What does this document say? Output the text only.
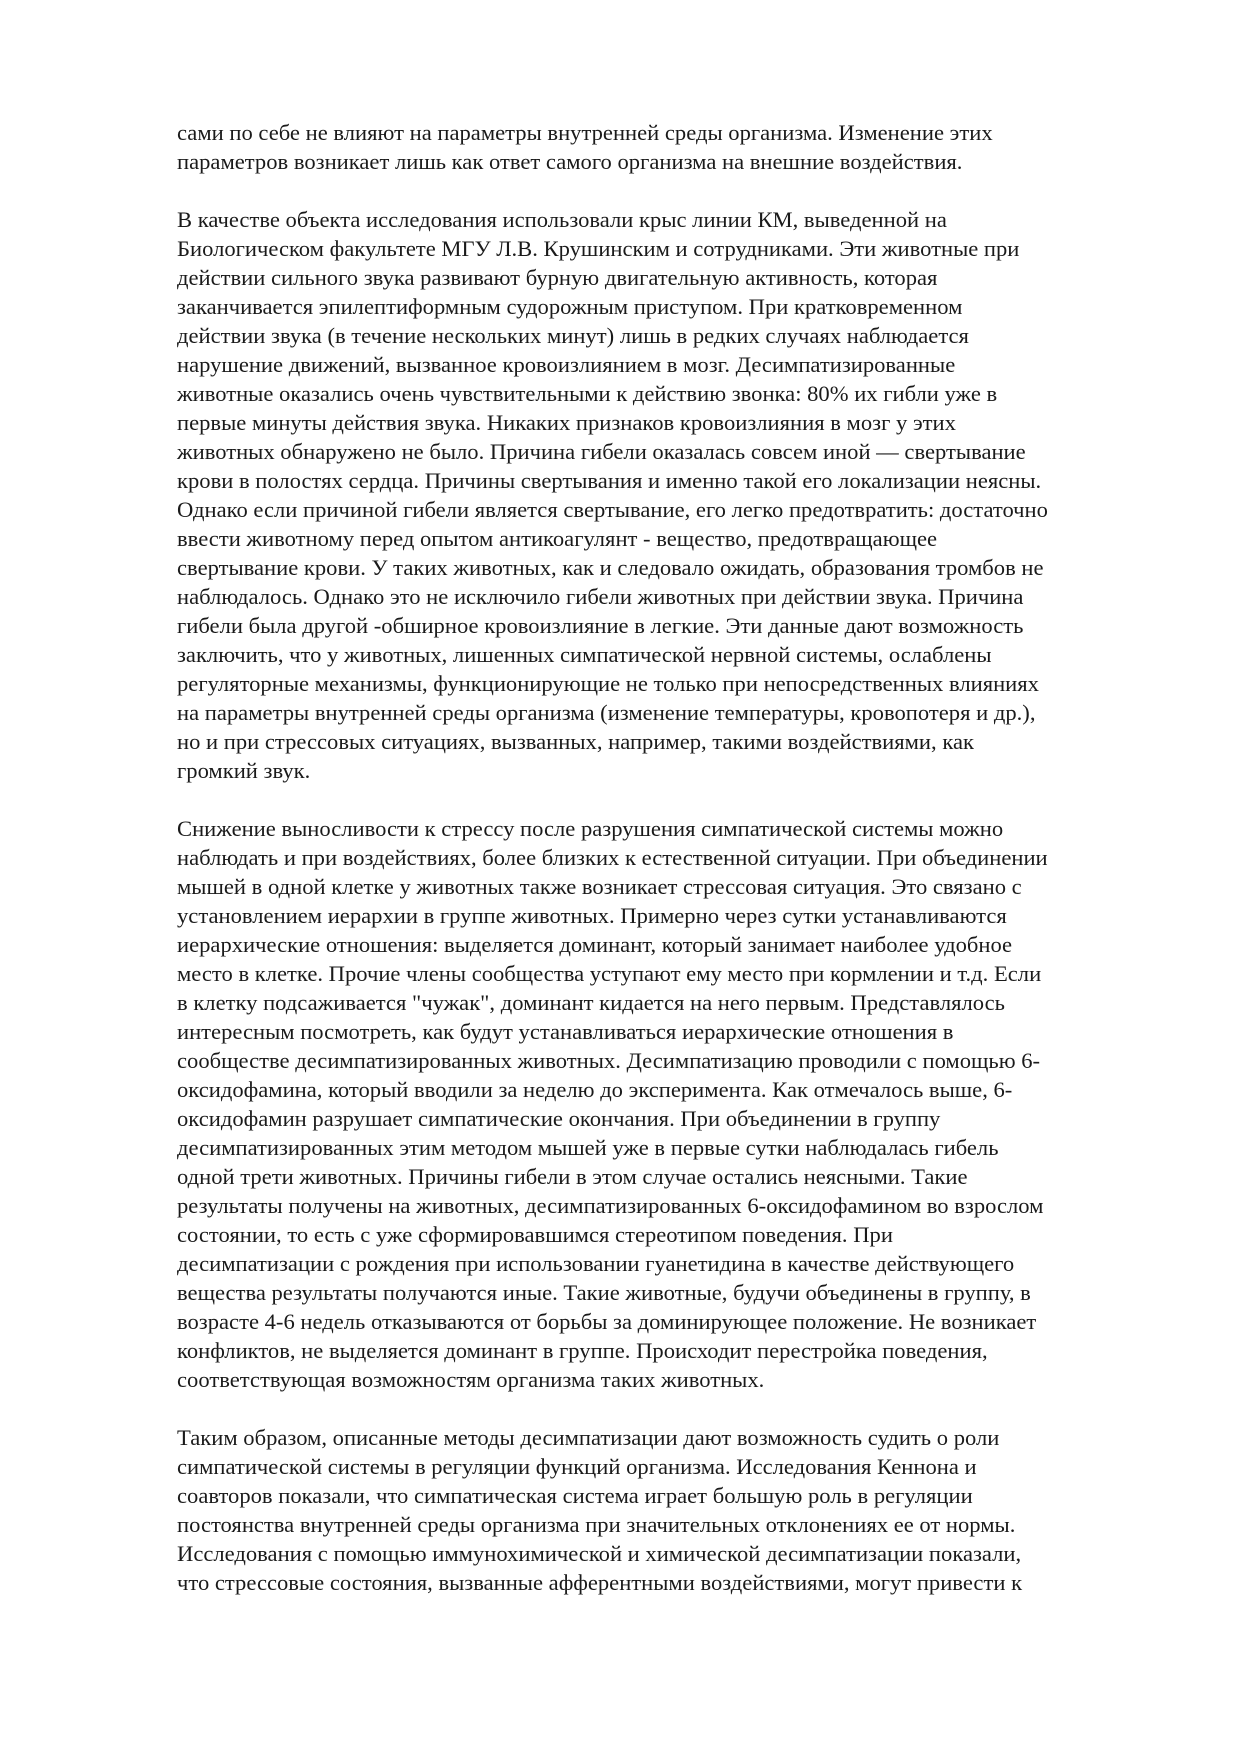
сами по себе не влияют на параметры внутренней среды организма. Изменение этих
параметров возникает лишь как ответ самого организма на внешние воздействия.
В качестве объекта исследования использовали крыс линии КМ, выведенной на
Биологическом факультете МГУ Л.В. Крушинским и сотрудниками. Эти животные при
действии сильного звука развивают бурную двигательную активность, которая
заканчивается эпилептиформным судорожным приступом. При кратковременном
действии звука (в течение нескольких минут) лишь в редких случаях наблюдается
нарушение движений, вызванное кровоизлиянием в мозг. Десимпатизированные
животные оказались очень чувствительными к действию звонка: 80% их гибли уже в
первые минуты действия звука. Никаких признаков кровоизлияния в мозг у этих
животных обнаружено не было. Причина гибели оказалась совсем иной — свертывание
крови в полостях сердца. Причины свертывания и именно такой его локализации неясны.
Однако если причиной гибели является свертывание, его легко предотвратить: достаточно
ввести животному перед опытом антикоагулянт - вещество, предотвращающее
свертывание крови. У таких животных, как и следовало ожидать, образования тромбов не
наблюдалось. Однако это не исключило гибели животных при действии звука. Причина
гибели была другой -обширное кровоизлияние в легкие. Эти данные дают возможность
заключить, что у животных, лишенных симпатической нервной системы, ослаблены
регуляторные механизмы, функционирующие не только при непосредственных влияниях
на параметры внутренней среды организма (изменение температуры, кровопотеря и др.),
но и при стрессовых ситуациях, вызванных, например, такими воздействиями, как
громкий звук.
Снижение выносливости к стрессу после разрушения симпатической системы можно
наблюдать и при воздействиях, более близких к естественной ситуации. При объединении
мышей в одной клетке у животных также возникает стрессовая ситуация. Это связано с
установлением иерархии в группе животных. Примерно через сутки устанавливаются
иерархические отношения: выделяется доминант, который занимает наиболее удобное
место в клетке. Прочие члены сообщества уступают ему место при кормлении и т.д. Если
в клетку подсаживается "чужак", доминант кидается на него первым. Представлялось
интересным посмотреть, как будут устанавливаться иерархические отношения в
сообществе десимпатизированных животных. Десимпатизацию проводили с помощью 6-
оксидофамина, который вводили за неделю до эксперимента. Как отмечалось выше, 6-
оксидофамин разрушает симпатические окончания. При объединении в группу
десимпатизированных этим методом мышей уже в первые сутки наблюдалась гибель
одной трети животных. Причины гибели в этом случае остались неясными. Такие
результаты получены на животных, десимпатизированных 6-оксидофамином во взрослом
состоянии, то есть с уже сформировавшимся стереотипом поведения. При
десимпатизации с рождения при использовании гуанетидина в качестве действующего
вещества результаты получаются иные. Такие животные, будучи объединены в группу, в
возрасте 4-6 недель отказываются от борьбы за доминирующее положение. Не возникает
конфликтов, не выделяется доминант в группе. Происходит перестройка поведения,
соответствующая возможностям организма таких животных.
Таким образом, описанные методы десимпатизации дают возможность судить о роли
симпатической системы в регуляции функций организма. Исследования Кеннона и
соавторов показали, что симпатическая система играет большую роль в регуляции
постоянства внутренней среды организма при значительных отклонениях ее от нормы.
Исследования с помощью иммунохимической и химической десимпатизации показали,
что стрессовые состояния, вызванные афферентными воздействиями, могут привести к
